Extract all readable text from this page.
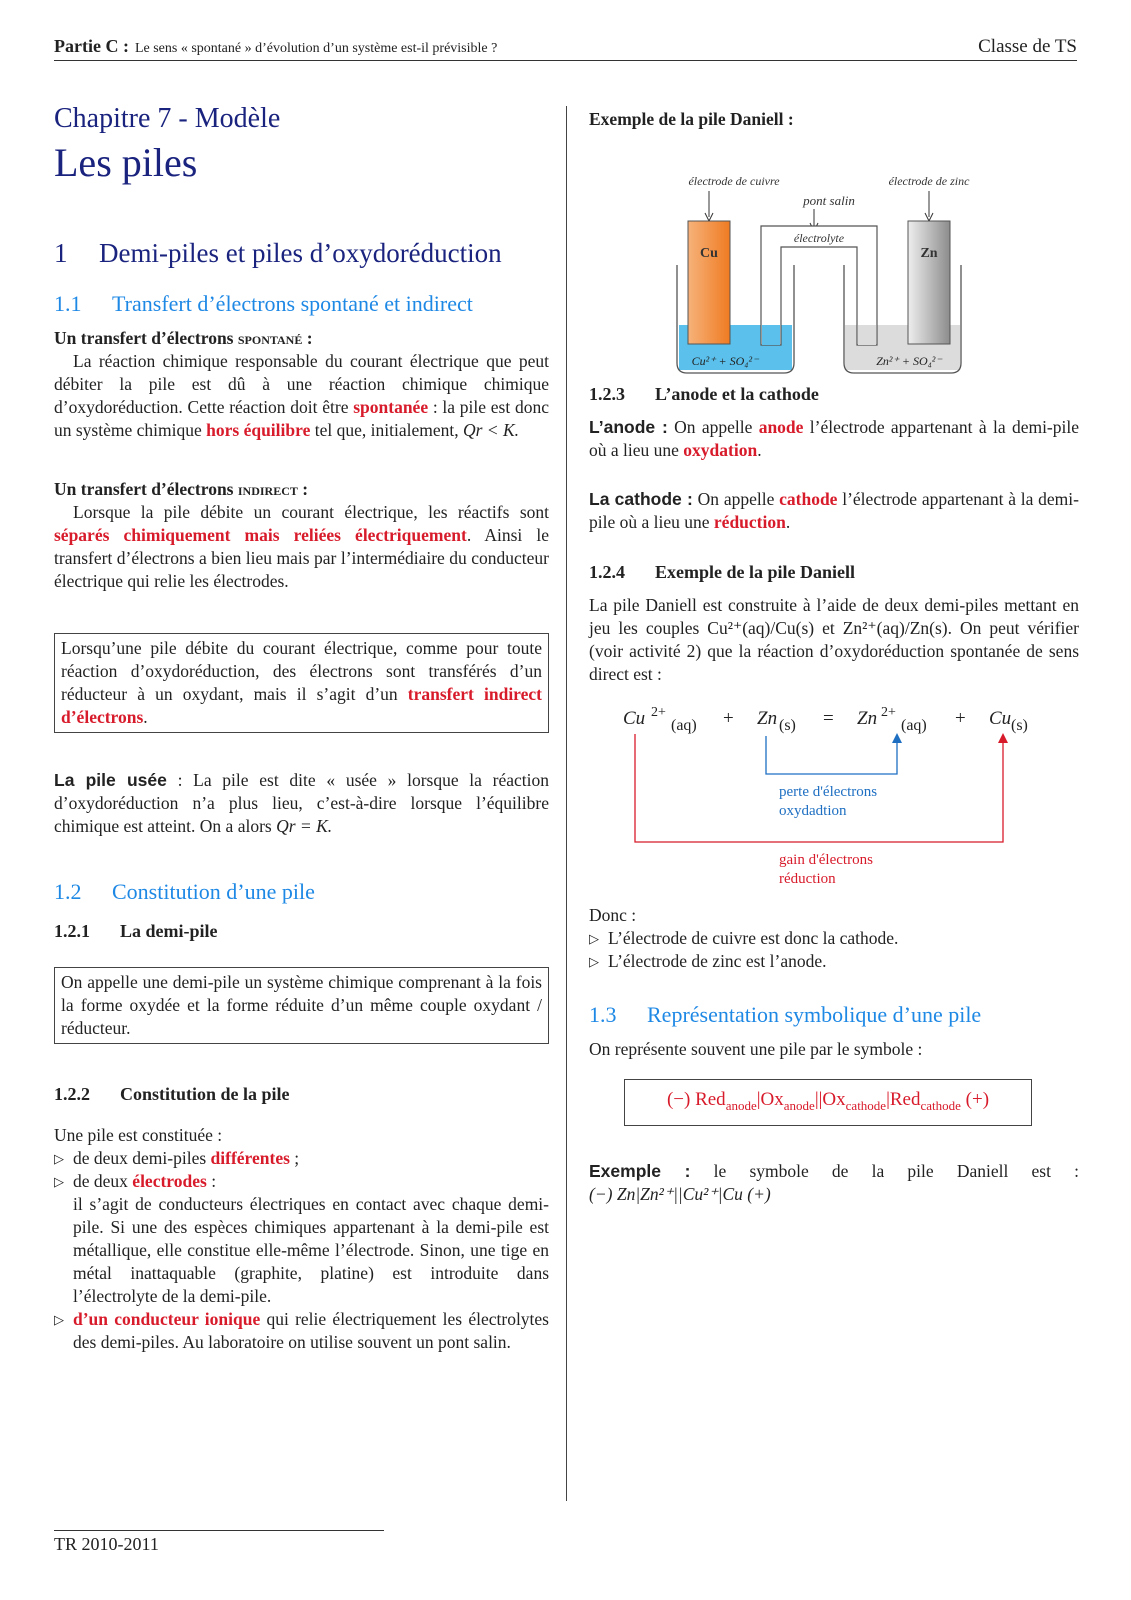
Partie C : Le sens « spontané » d’évolution d’un système est-il prévisible ?	Classe de TS
Chapitre 7 - Modèle
Les piles
1	Demi-piles et piles d’oxydoréduction
1.1	Transfert d’électrons spontané et indirect
Un transfert d’électrons spontané :
La réaction chimique responsable du courant électrique que peut débiter la pile est dû à une réaction chimique chimique d’oxydoréduction. Cette réaction doit être spontanée : la pile est donc un système chimique hors équilibre tel que, initialement, Qr < K.
Un transfert d’électrons indirect :
Lorsque la pile débite un courant électrique, les réactifs sont séparés chimiquement mais reliées électriquement. Ainsi le transfert d’électrons a bien lieu mais par l’intermédiaire du conducteur électrique qui relie les électrodes.
Lorsqu’une pile débite du courant électrique, comme pour toute réaction d’oxydoréduction, des électrons sont transférés d’un réducteur à un oxydant, mais il s’agit d’un transfert indirect d’électrons.
La pile usée : La pile est dite « usée » lorsque la réaction d’oxydoréduction n’a plus lieu, c’est-à-dire lorsque l’équilibre chimique est atteint. On a alors Qr = K.
1.2	Constitution d’une pile
1.2.1	La demi-pile
On appelle une demi-pile un système chimique comprenant à la fois la forme oxydée et la forme réduite d’un même couple oxydant / réducteur.
1.2.2	Constitution de la pile
Une pile est constituée :
▷ de deux demi-piles différentes ;
▷ de deux électrodes :
il s’agit de conducteurs électriques en contact avec chaque demi-pile. Si une des espèces chimiques appartenant à la demi-pile est métallique, elle constitue elle-même l’électrode. Sinon, une tige en métal inattaquable (graphite, platine) est introduite dans l’électrolyte de la demi-pile.
▷ d’un conducteur ionique qui relie électriquement les électrolytes des demi-piles. Au laboratoire on utilise souvent un pont salin.
Exemple de la pile Daniell :
électrode de cuivre	électrode de zinc
pont salin
électrolyte
Cu	Zn
Cu²⁺ + SO₄²⁻	Zn²⁺ + SO₄²⁻
1.2.3	L’anode et la cathode
L’anode : On appelle anode l’électrode appartenant à la demi-pile où a lieu une oxydation.
La cathode : On appelle cathode l’électrode appartenant à la demi-pile où a lieu une réduction.
1.2.4	Exemple de la pile Daniell
La pile Daniell est construite à l’aide de deux demi-piles mettant en jeu les couples Cu²⁺(aq)/Cu(s) et Zn²⁺(aq)/Zn(s). On peut vérifier (voir activité 2) que la réaction d’oxydoréduction spontanée de sens direct est :
Cu 2+
(aq) + Zn (s) = Zn 2+
(aq) + Cu (s)
perte d'électrons
oxydadtion
gain d'électrons
réduction
Donc :
▷ L’électrode de cuivre est donc la cathode.
▷ L’électrode de zinc est l’anode.
1.3	Représentation symbolique d’une pile
On représente souvent une pile par le symbole :
(−) $Red_{anode}|Ox_{anode}||Ox_{cathode}|Red_{cathode}$ (+)
Exemple : le symbole de la pile Daniell est :
(−) Zn|Zn²⁺||Cu²⁺|Cu (+)
TR 2010-2011
